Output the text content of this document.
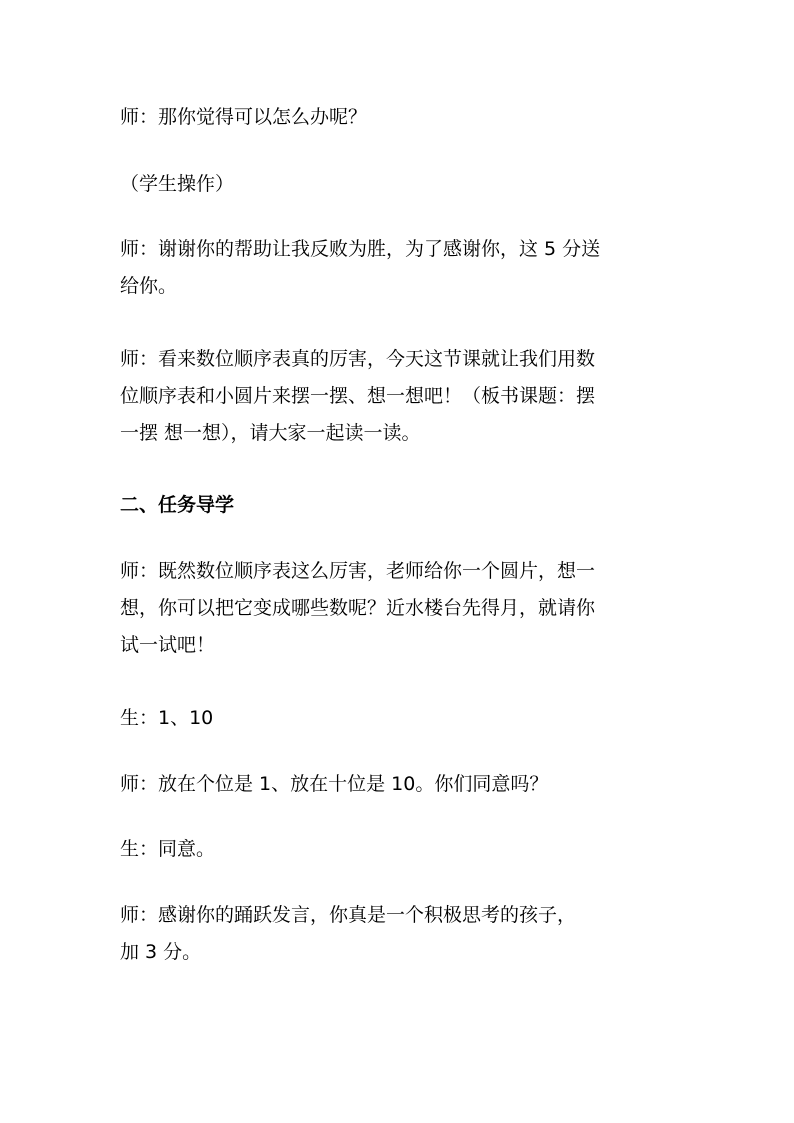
师：那你觉得可以怎么办呢？

（学生操作）

师：谢谢你的帮助让我反败为胜，为了感谢你，这 5 分送
给你。

师：看来数位顺序表真的厉害，今天这节课就让我们用数
位顺序表和小圆片来摆一摆、想一想吧！（板书课题：摆
一摆 想一想），请大家一起读一读。

二、任务导学

师：既然数位顺序表这么厉害，老师给你一个圆片，想一
想，你可以把它变成哪些数呢？近水楼台先得月，就请你
试一试吧！

生：1、10

师：放在个位是 1、放在十位是 10。你们同意吗？

生：同意。

师：感谢你的踊跃发言，你真是一个积极思考的孩子，
加 3 分。
